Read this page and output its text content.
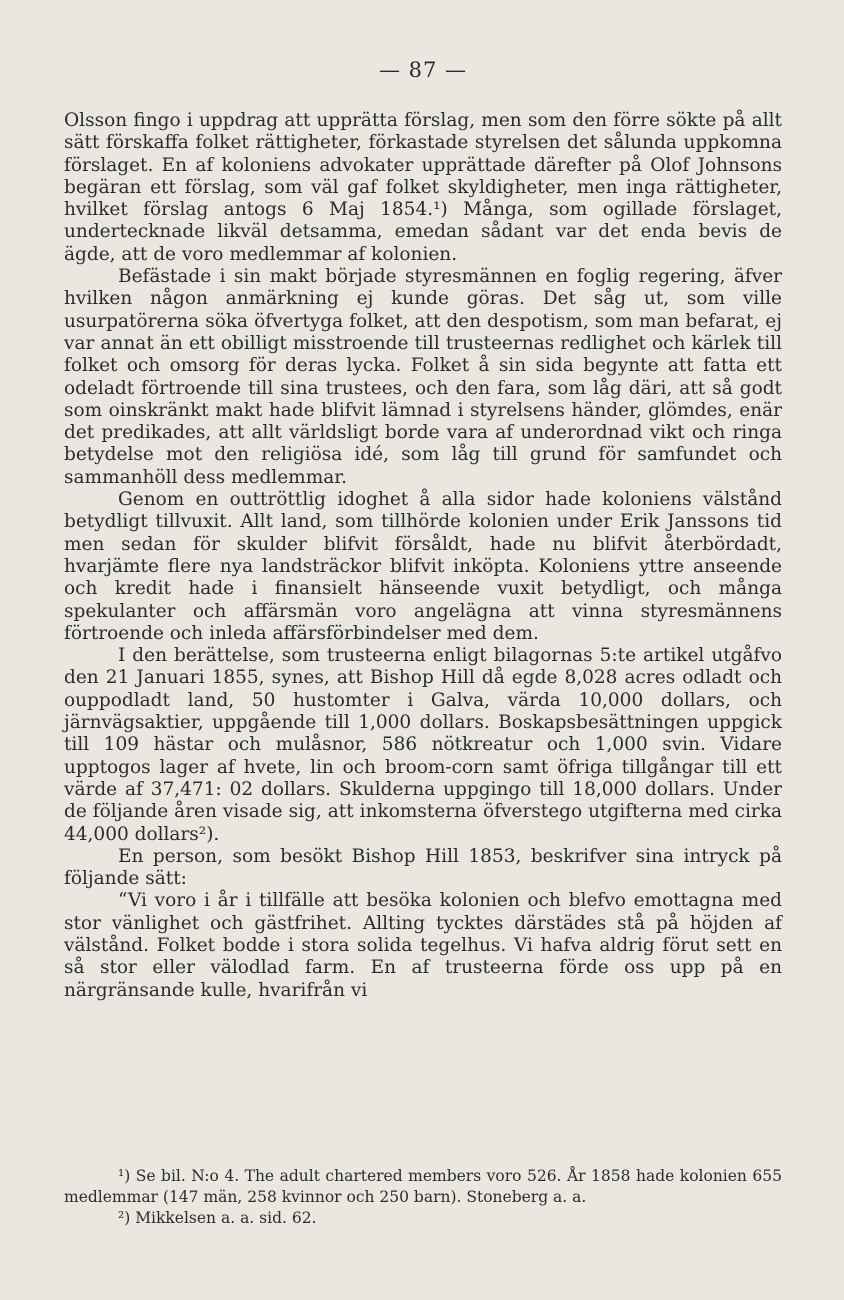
— 87 —

Olsson fingo i uppdrag att upprätta förslag, men som den förre sökte på allt sätt förskaffa folket rättigheter, förkastade styrelsen det sålunda uppkomna förslaget. En af koloniens advokater upprättade därefter på Olof Johnsons begäran ett förslag, som väl gaf folket skyldigheter, men inga rättigheter, hvilket förslag antogs 6 Maj 1854.¹) Många, som ogillade förslaget, undertecknade likväl detsamma, emedan sådant var det enda bevis de ägde, att de voro medlemmar af kolonien.

Befästade i sin makt började styresmännen en foglig regering, äfver hvilken någon anmärkning ej kunde göras. Det såg ut, som ville usurpatörerna söka öfvertyga folket, att den despotism, som man befarat, ej var annat än ett obilligt misstroende till trusteernas redlighet och kärlek till folket och omsorg för deras lycka. Folket å sin sida begynte att fatta ett odeladt förtroende till sina trustees, och den fara, som låg däri, att så godt som oinskränkt makt hade blifvit lämnad i styrelsens händer, glömdes, enär det predikades, att allt världsligt borde vara af underordnad vikt och ringa betydelse mot den religiösa idé, som låg till grund för samfundet och sammanhöll dess medlemmar.

Genom en outtröttlig idoghet å alla sidor hade koloniens välstånd betydligt tillvuxit. Allt land, som tillhörde kolonien under Erik Janssons tid men sedan för skulder blifvit försåldt, hade nu blifvit återbördadt, hvarjämte flere nya landsträckor blifvit inköpta. Koloniens yttre anseende och kredit hade i finansielt hänseende vuxit betydligt, och många spekulanter och affärsmän voro angelägna att vinna styresmännens förtroende och inleda affärsförbindelser med dem.

I den berättelse, som trusteerna enligt bilagornas 5:te artikel utgåfvo den 21 Januari 1855, synes, att Bishop Hill då egde 8,028 acres odladt och ouppodladt land, 50 hustomter i Galva, värda 10,000 dollars, och järnvägsaktier, uppgående till 1,000 dollars. Boskapsbesättningen uppgick till 109 hästar och mulåsnor, 586 nötkreatur och 1,000 svin. Vidare upptogos lager af hvete, lin och broom-corn samt öfriga tillgångar till ett värde af 37,471: 02 dollars. Skulderna uppgingo till 18,000 dollars. Under de följande åren visade sig, att inkomsterna öfverstego utgifterna med cirka 44,000 dollars²).

En person, som besökt Bishop Hill 1853, beskrifver sina intryck på följande sätt:

“Vi voro i år i tillfälle att besöka kolonien och blefvo emottagna med stor vänlighet och gästfrihet. Allting tycktes därstädes stå på höjden af välstånd. Folket bodde i stora solida tegelhus. Vi hafva aldrig förut sett en så stor eller välodlad farm. En af trusteerna förde oss upp på en närgränsande kulle, hvarifrån vi

¹) Se bil. N:o 4. The adult chartered members voro 526. År 1858 hade kolonien 655 medlemmar (147 män, 258 kvinnor och 250 barn). Stoneberg a. a.

²) Mikkelsen a. a. sid. 62.
